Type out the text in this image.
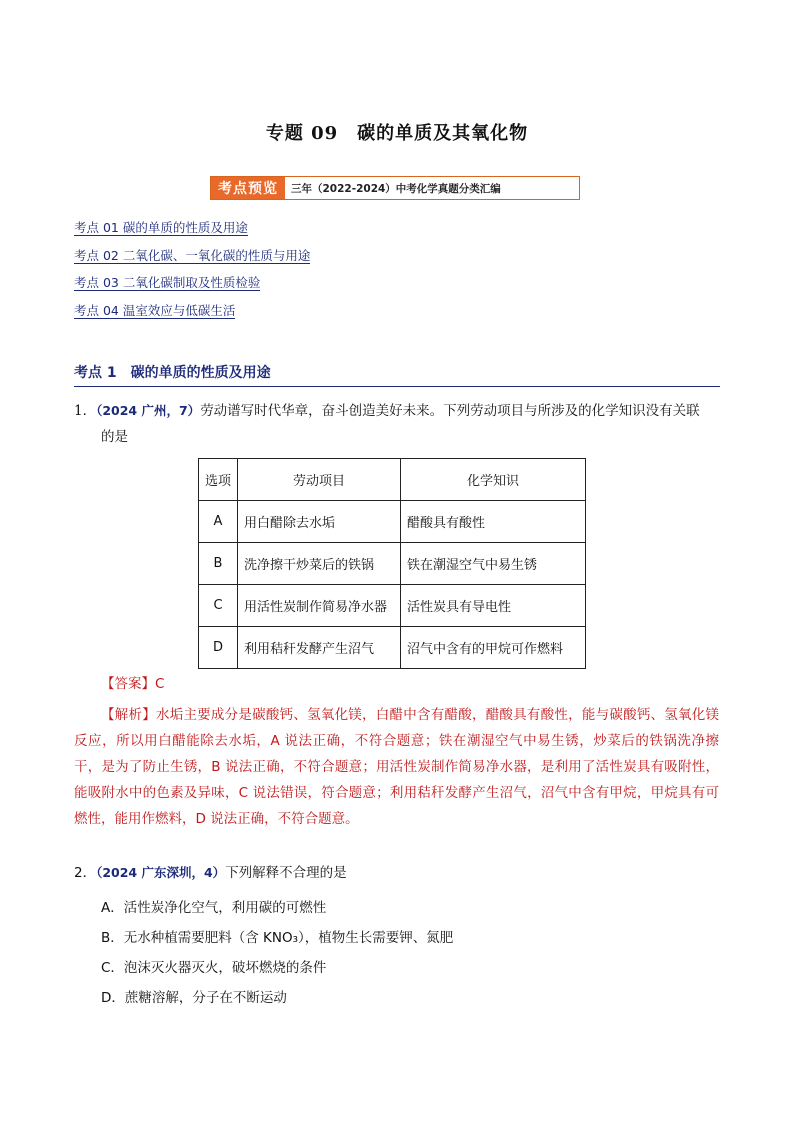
专题 09　碳的单质及其氧化物
考点预览	三年（2022-2024）中考化学真题分类汇编
考点 01 碳的单质的性质及用途
考点 02 二氧化碳、一氧化碳的性质与用途
考点 03 二氧化碳制取及性质检验
考点 04 温室效应与低碳生活
考点 1　碳的单质的性质及用途
1．（2024 广州，7）劳动谱写时代华章，奋斗创造美好未来。下列劳动项目与所涉及的化学知识没有关联
的是
选项	劳动项目	化学知识
A	用白醋除去水垢	醋酸具有酸性
B	洗净擦干炒菜后的铁锅	铁在潮湿空气中易生锈
C	用活性炭制作简易净水器	活性炭具有导电性
D	利用秸秆发酵产生沼气	沼气中含有的甲烷可作燃料
【答案】C
【解析】水垢主要成分是碳酸钙、氢氧化镁，白醋中含有醋酸，醋酸具有酸性，能与碳酸钙、氢氧化镁反应，所以用白醋能除去水垢，A 说法正确，不符合题意；铁在潮湿空气中易生锈，炒菜后的铁锅洗净擦干，是为了防止生锈，B 说法正确，不符合题意；用活性炭制作简易净水器，是利用了活性炭具有吸附性，能吸附水中的色素及异味，C 说法错误，符合题意；利用秸秆发酵产生沼气，沼气中含有甲烷，甲烷具有可燃性，能用作燃料，D 说法正确，不符合题意。
2．（2024 广东深圳，4）下列解释不合理的是
A．活性炭净化空气，利用碳的可燃性
B．无水种植需要肥料（含 KNO₃），植物生长需要钾、氮肥
C．泡沫灭火器灭火，破坏燃烧的条件
D．蔗糖溶解，分子在不断运动
